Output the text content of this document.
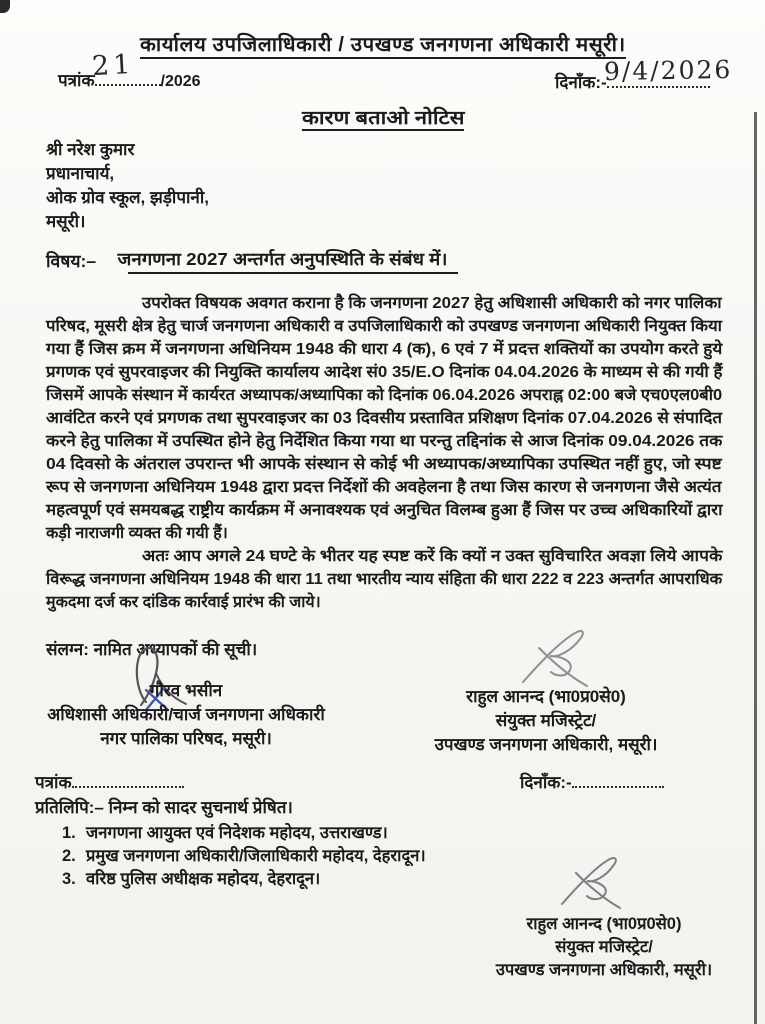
कार्यालय उपजिलाधिकारी / उपखण्ड जनगणना अधिकारी मसूरी।
पत्रांक	/2026
21
दिनाँक:-
9/4/2026
कारण बताओ नोटिस
श्री नरेश कुमार
प्रधानाचार्य,
ओक ग्रोव स्कूल, झड़ीपानी,
मसूरी।
विषय:– जनगणना 2027 अन्तर्गत अनुपस्थिति के संबंध में।
उपरोक्त विषयक अवगत कराना है कि जनगणना 2027 हेतु अधिशासी अधिकारी को नगर पालिका
परिषद, मूसरी क्षेत्र हेतु चार्ज जनगणना अधिकारी व उपजिलाधिकारी को उपखण्ड जनगणना अधिकारी नियुक्त किया
गया हैं जिस क्रम में जनगणना अधिनियम 1948 की धारा 4 (क), 6 एवं 7 में प्रदत्त शक्तियों का उपयोग करते हुये
प्रगणक एवं सुपरवाइजर की नियुक्ति कार्यालय आदेश सं0 35/E.O दिनांक 04.04.2026 के माध्यम से की गयी हैं
जिसमें आपके संस्थान में कार्यरत अध्यापक/अध्यापिका को दिनांक 06.04.2026 अपराह्न 02:00 बजे एच0एल0बी0
आवंटित करने एवं प्रगणक तथा सुपरवाइजर का 03 दिवसीय प्रस्तावित प्रशिक्षण दिनांक 07.04.2026 से संपादित
करने हेतु पालिका में उपस्थित होने हेतु निर्देशित किया गया था परन्तु तद्दिनांक से आज दिनांक 09.04.2026 तक
04 दिवसो के अंतराल उपरान्त भी आपके संस्थान से कोई भी अध्यापक/अध्यापिका उपस्थित नहीं हुए, जो स्पष्ट
रूप से जनगणना अधिनियम 1948 द्वारा प्रदत्त निर्देशों की अवहेलना है तथा जिस कारण से जनगणना जैसे अत्यंत
महत्वपूर्ण एवं समयबद्ध राष्ट्रीय कार्यक्रम में अनावश्यक एवं अनुचित विलम्ब हुआ हैं जिस पर उच्च अधिकारियों द्वारा
कड़ी नाराजगी व्यक्त की गयी हैं।
अतः आप अगले 24 घण्टे के भीतर यह स्पष्ट करें कि क्यों न उक्त सुविचारित अवज्ञा लिये आपके
विरूद्ध जनगणना अधिनियम 1948 की धारा 11 तथा भारतीय न्याय संहिता की धारा 222 व 223 अन्तर्गत आपराधिक
मुकदमा दर्ज कर दांडिक कार्रवाई प्रारंभ की जाये।
संलग्न: नामित अध्यापकों की सूची।
गौरव भसीन
अधिशासी अधिकारी/चार्ज जनगणना अधिकारी
नगर पालिका परिषद, मसूरी।
राहुल आनन्द (भा0प्र0से0)
संयुक्त मजिस्ट्रेट/
उपखण्ड जनगणना अधिकारी, मसूरी।
पत्रांक	दिनाँक:-
प्रतिलिपि:– निम्न को सादर सुचनार्थ प्रेषित।
1. जनगणना आयुक्त एवं निदेशक महोदय, उत्तराखण्ड।
2. प्रमुख जनगणना अधिकारी/जिलाधिकारी महोदय, देहरादून।
3. वरिष्ठ पुलिस अधीक्षक महोदय, देहरादून।
राहुल आनन्द (भा0प्र0से0)
संयुक्त मजिस्ट्रेट/
उपखण्ड जनगणना अधिकारी, मसूरी।
